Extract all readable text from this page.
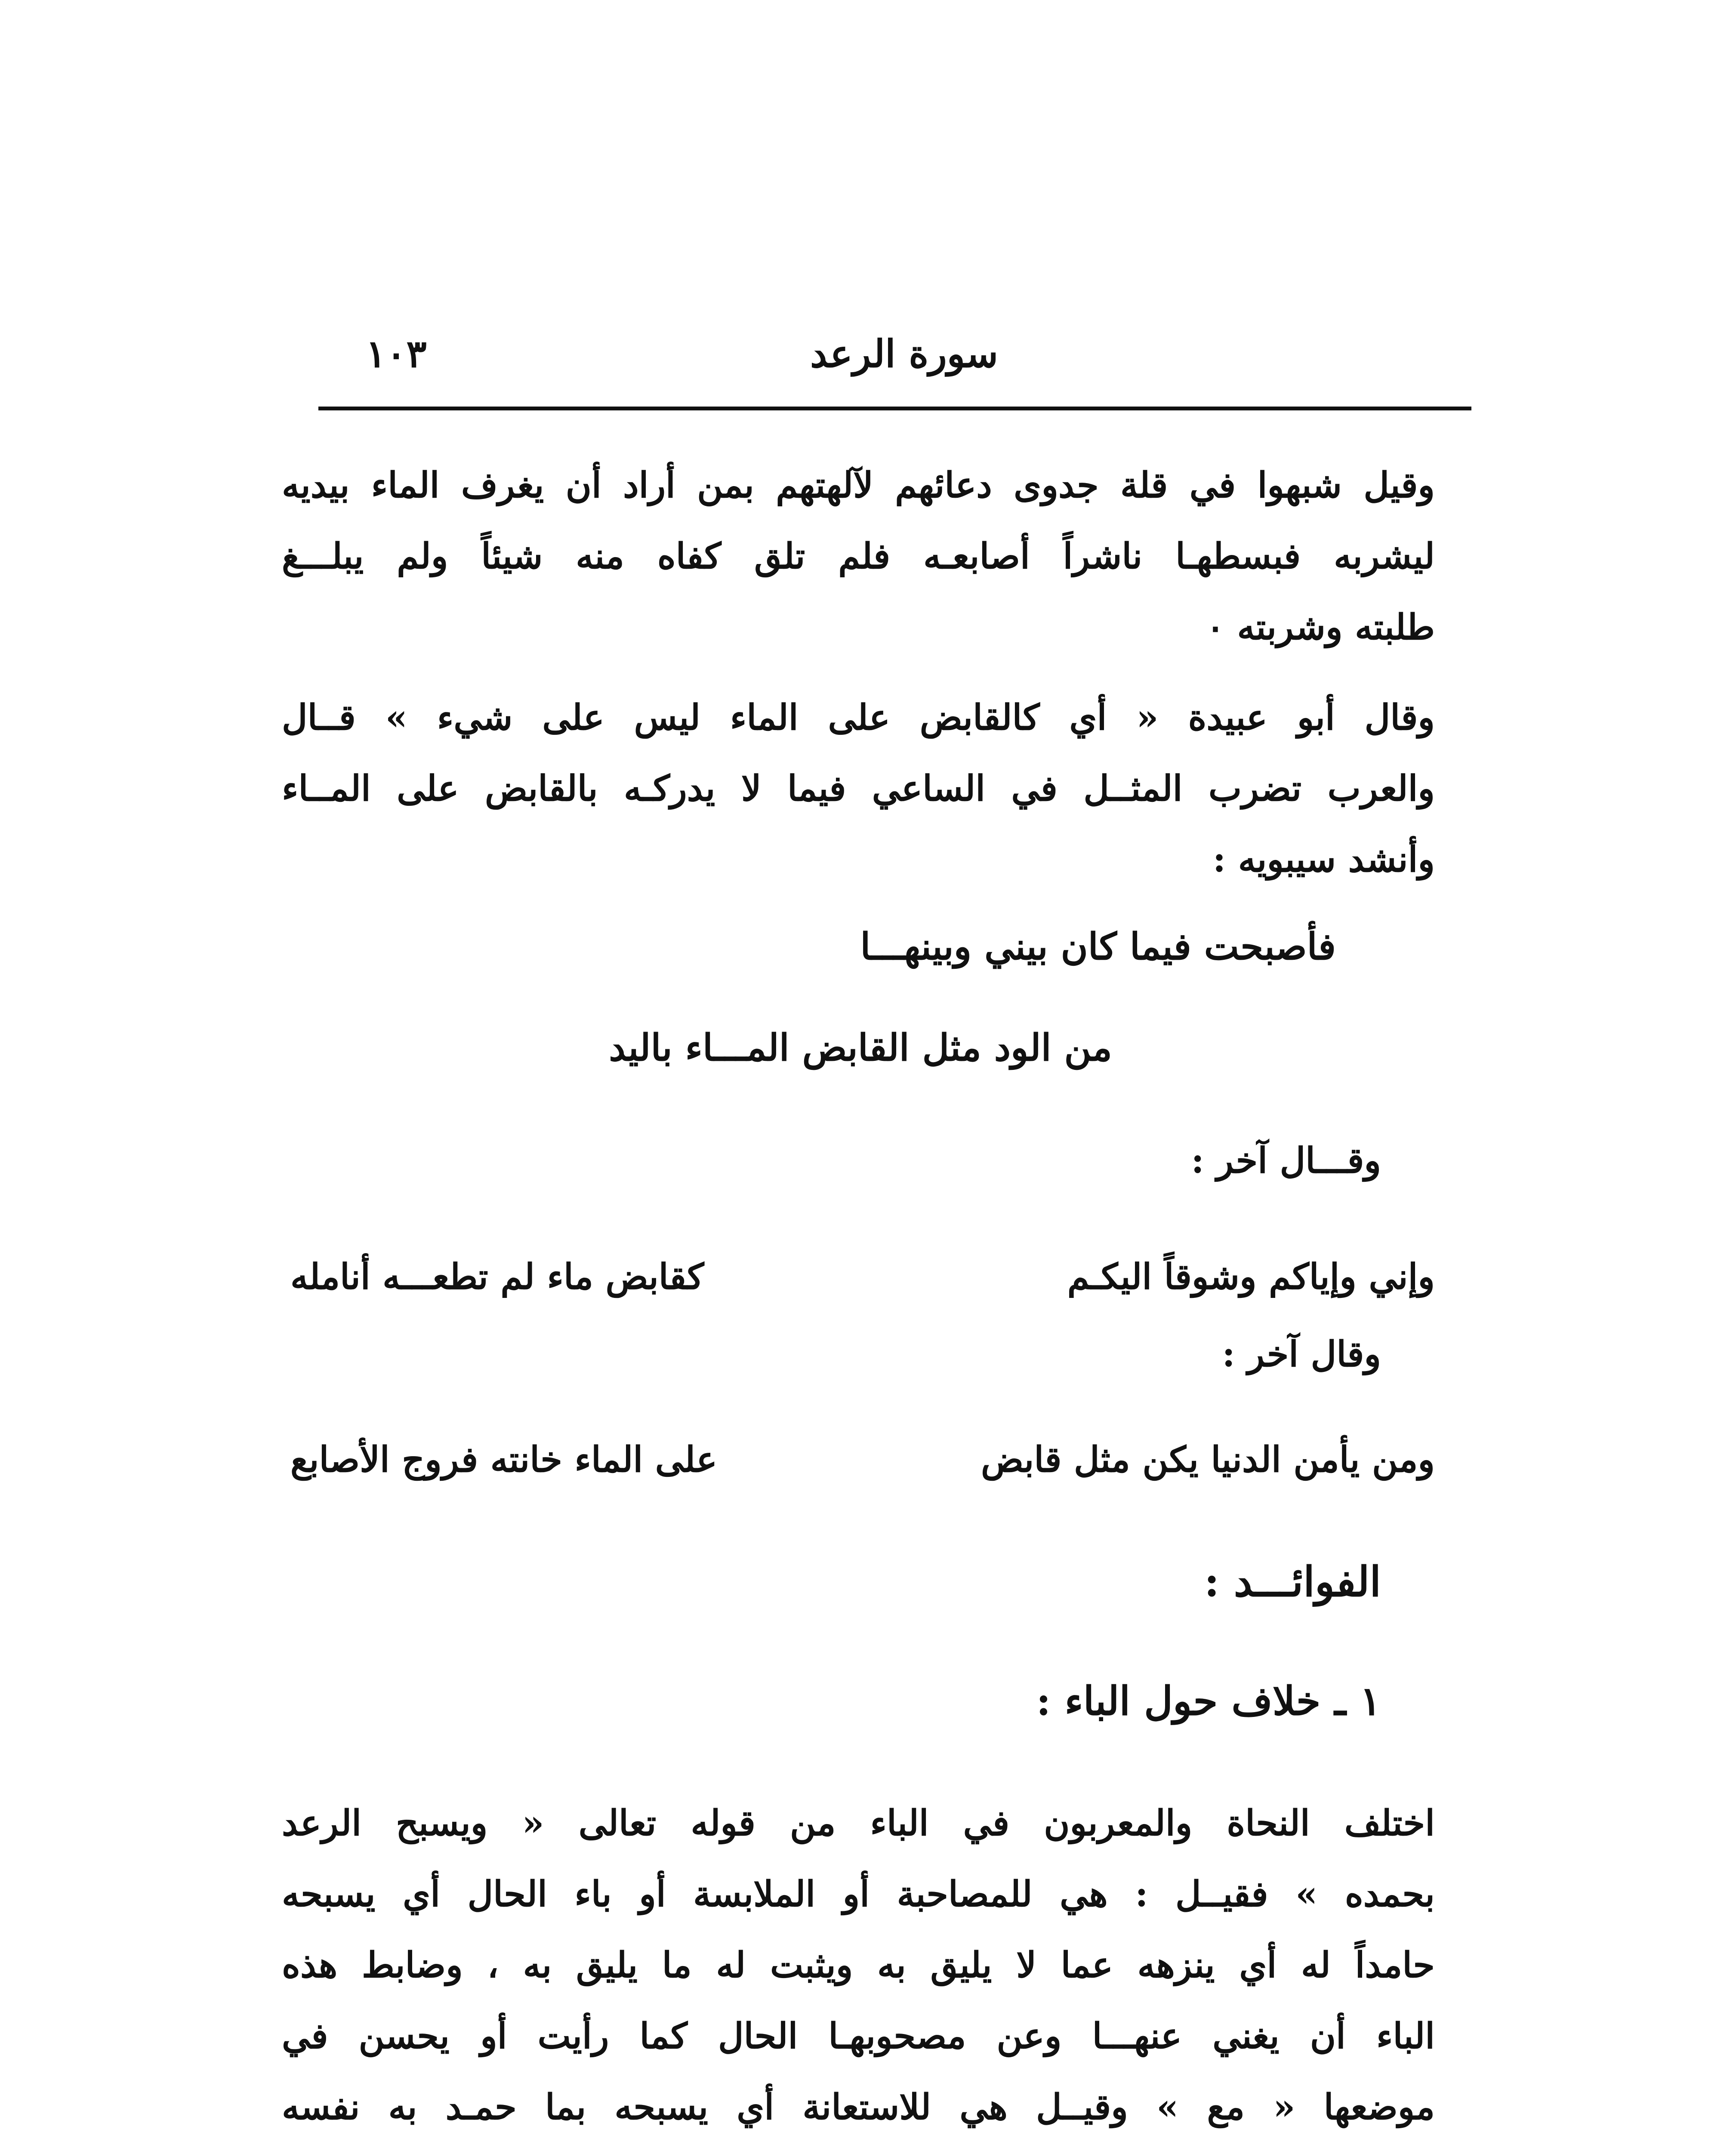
سورة الرعد
١٠٣
وقيل شبهوا في قلة جدوى دعائهم لآلهتهم بمن أراد أن يغرف الماء بيديه
ليشربه فبسطهـا ناشراً أصابعـه فلم تلق كفاه منه شيئاً ولم يبلـــغ
طلبته وشربته ٠
وقال أبو عبيدة « أي كالقابض على الماء ليس على شيء » قــال
والعرب تضرب المثــل في الساعي فيما لا يدركـه بالقابض على المــاء
وأنشد سيبويه :
فأصبحت فيما كان بيني وبينهـــا
من الود مثل القابض المـــاء باليد
وقـــال آخر :
وإني وإياكم وشوقاً اليكـم
كقابض ماء لم تطعـــه أنامله
وقال آخر :
ومن يأمن الدنيا يكن مثل قابض
على الماء خانته فروج الأصابع
الفوائـــد :
١ ـ خلاف حول الباء :
اختلف النحاة والمعربون في الباء من قوله تعالى « ويسبح الرعد
بحمده » فقيــل : هي للمصاحبة أو الملابسة أو باء الحال أي يسبحه
حامداً له أي ينزهه عما لا يليق به ويثبت له ما يليق به ، وضابط هذه
الباء أن يغني عنهـــا وعن مصحوبهـا الحال كما رأيت أو يحسن في
موضعها « مع » وقيــل هي للاستعانة أي يسبحه بما حمـد به نفسه
